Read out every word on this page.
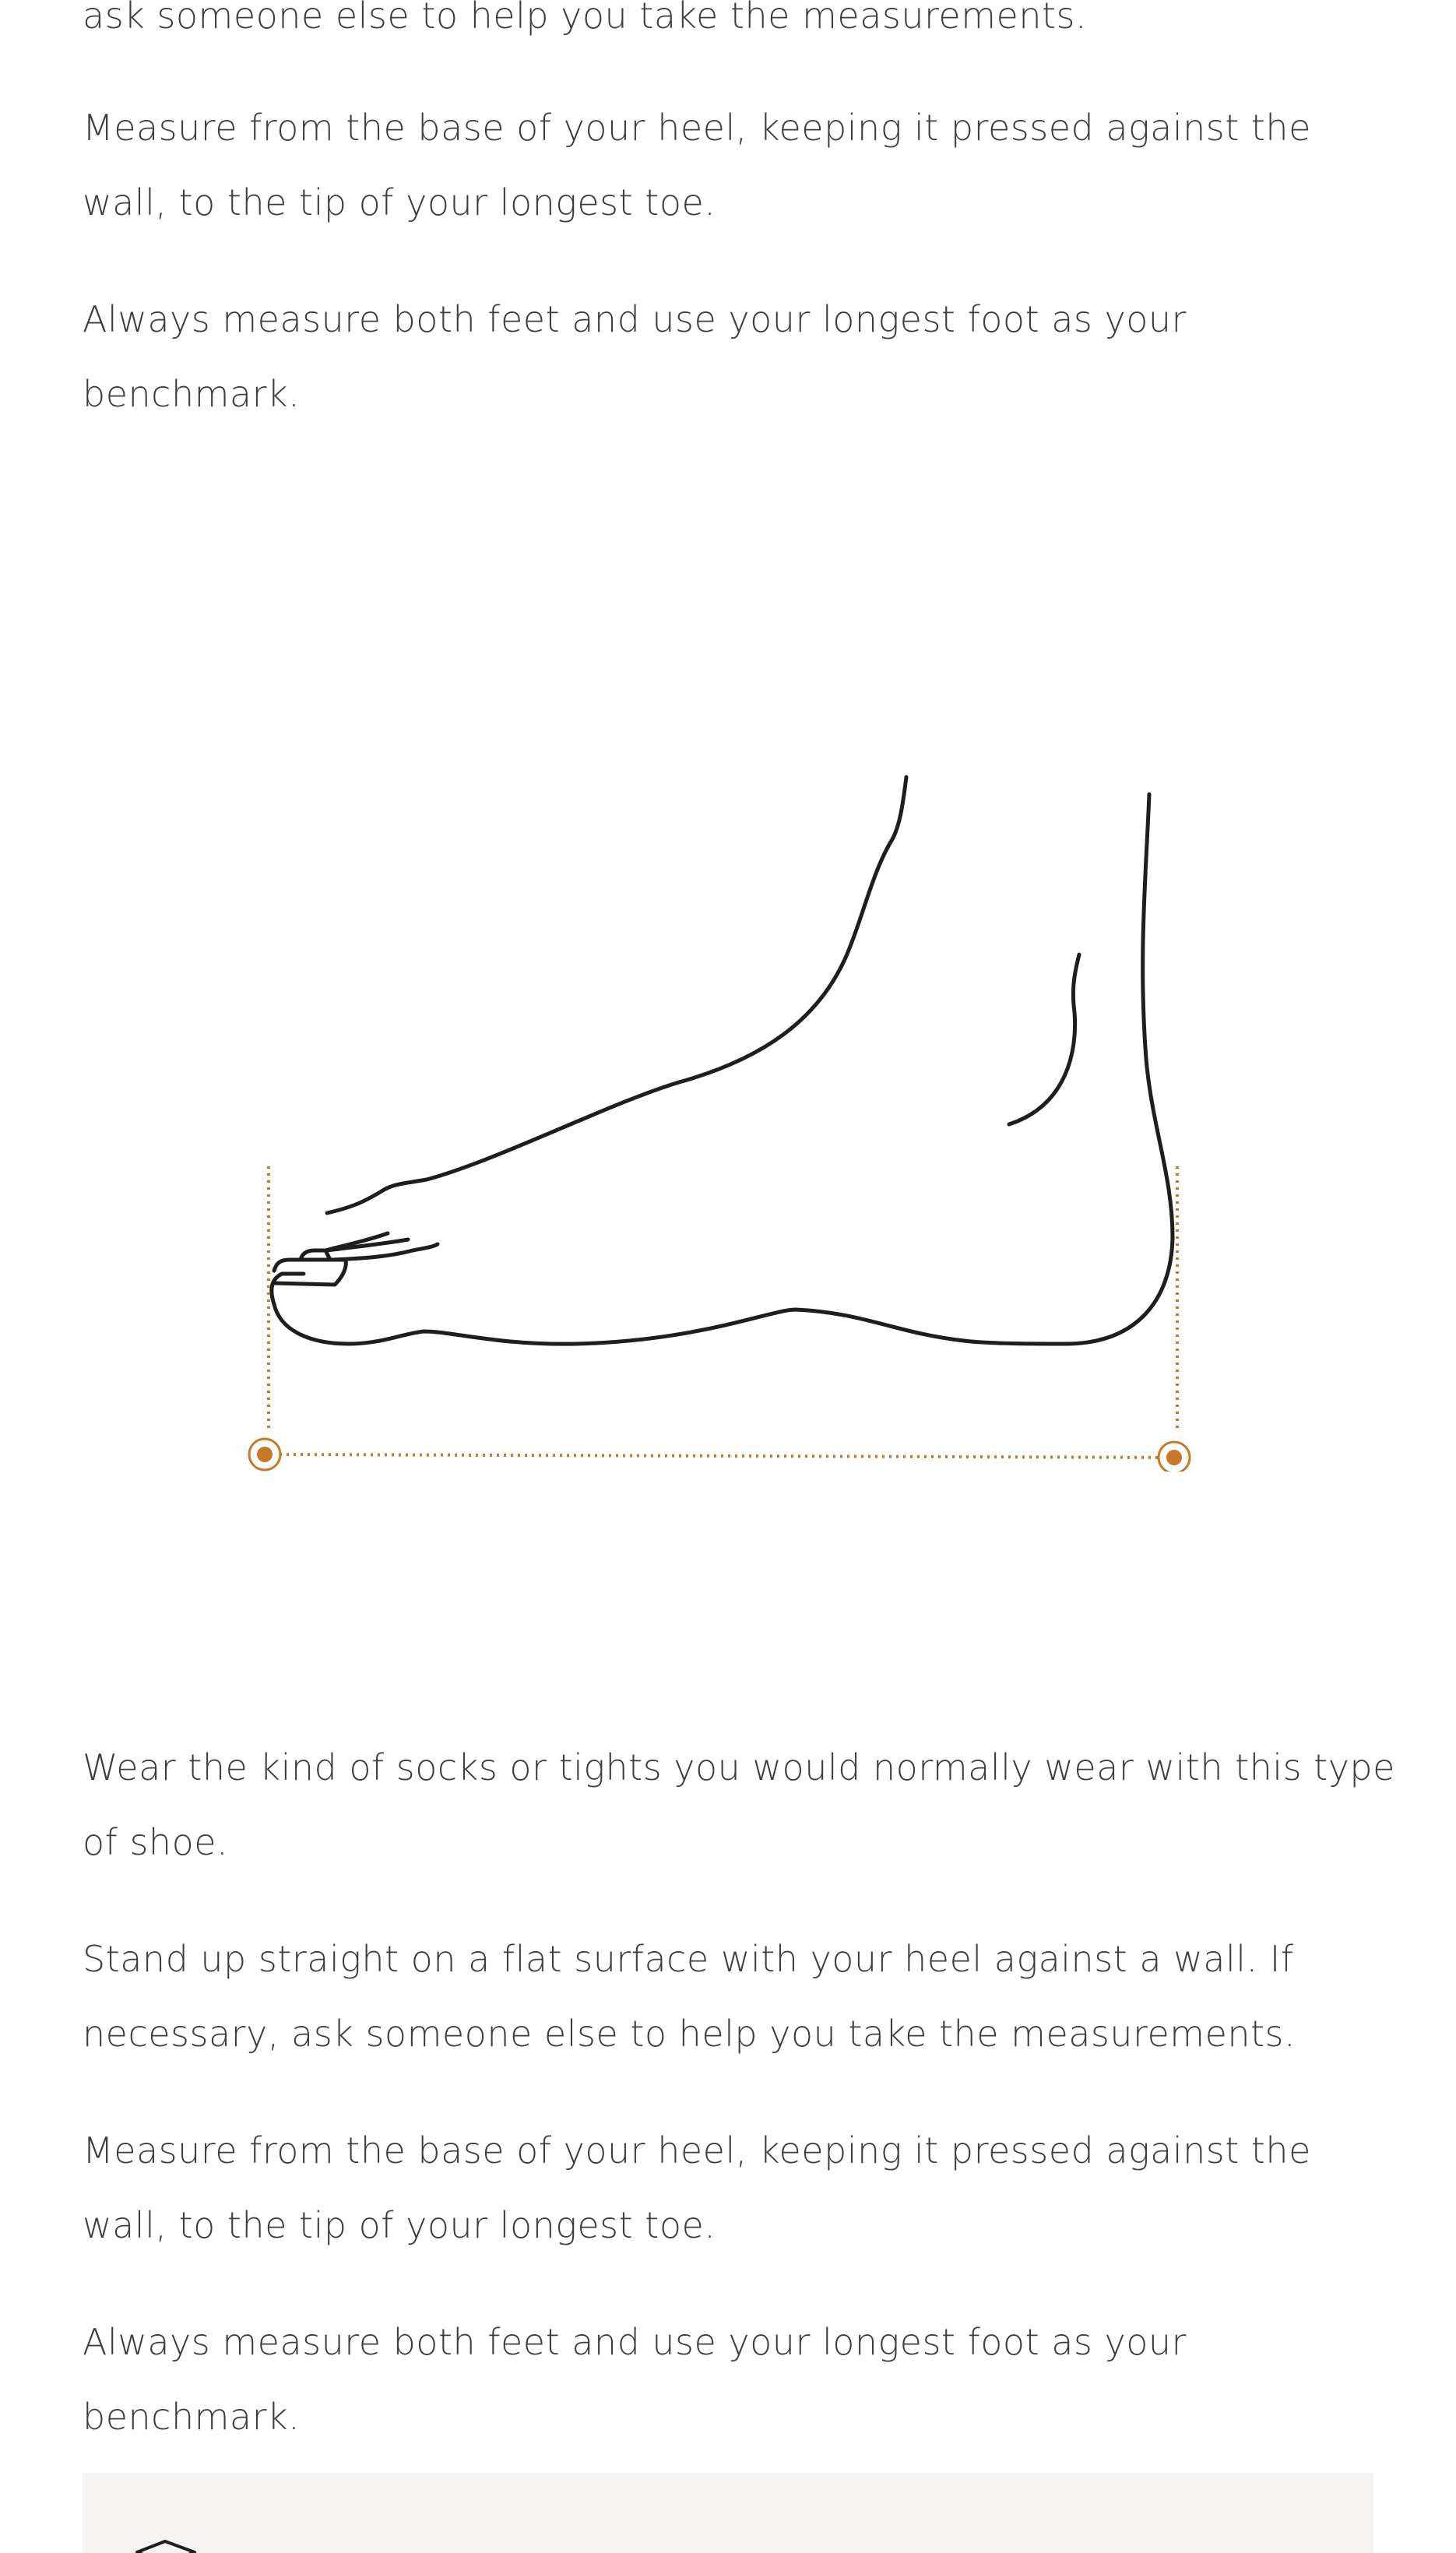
ask someone else to help you take the measurements.

Measure from the base of your heel, keeping it pressed against the wall, to the tip of your longest toe.

Always measure both feet and use your longest foot as your benchmark.

Wear the kind of socks or tights you would normally wear with this type of shoe.

Stand up straight on a flat surface with your heel against a wall. If necessary, ask someone else to help you take the measurements.

Measure from the base of your heel, keeping it pressed against the wall, to the tip of your longest toe.

Always measure both feet and use your longest foot as your benchmark.
